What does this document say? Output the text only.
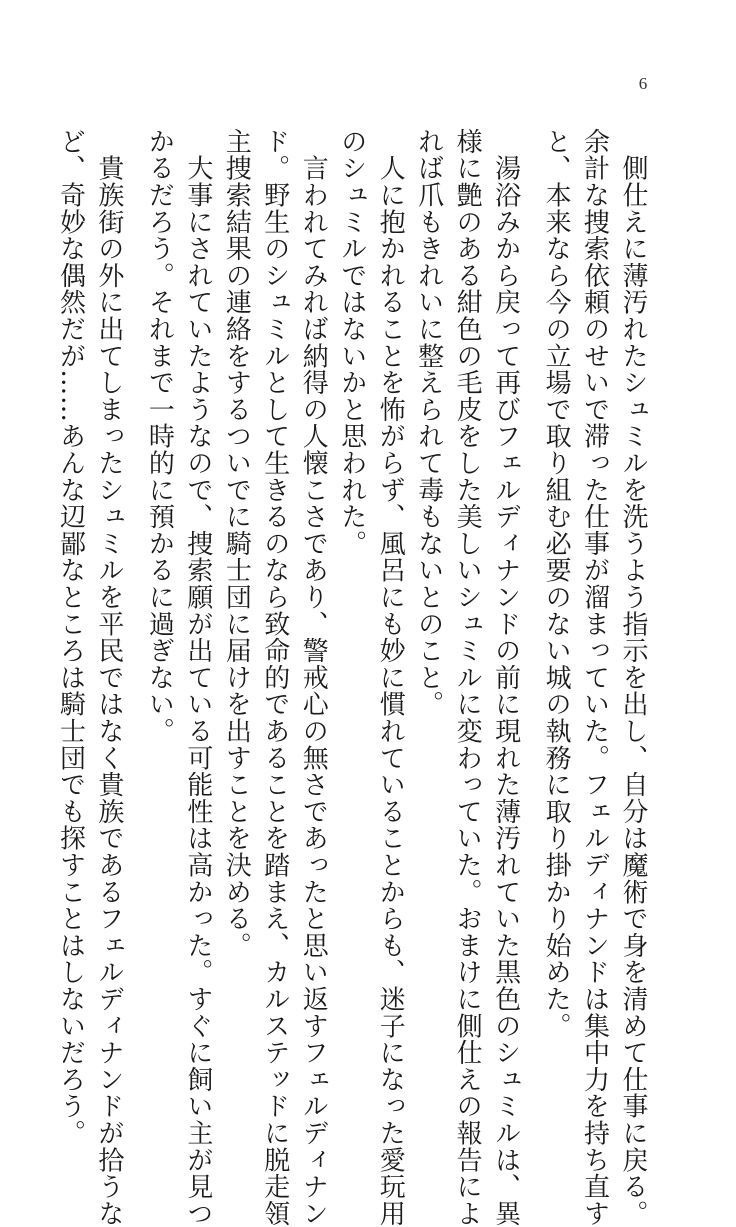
6

　側仕えに薄汚れたシュミルを洗うよう指示を出し、自分は魔術で身を清めて仕事に戻る。

余計な捜索依頼のせいで滞った仕事が溜まっていた。フェルディナンドは集中力を持ち直す

と、本来なら今の立場で取り組む必要のない城の執務に取り掛かり始めた。

　湯浴みから戻って再びフェルディナンドの前に現れた薄汚れていた黒色のシュミルは、異

様に艶のある紺色の毛皮をした美しいシュミルに変わっていた。おまけに側仕えの報告によ

れば爪もきれいに整えられて毒もないとのこと。

　人に抱かれることを怖がらず、風呂にも妙に慣れていることからも、迷子になった愛玩用

のシュミルではないかと思われた。

　言われてみれば納得の人懐こさであり、警戒心の無さであったと思い返すフェルディナン

ド。野生のシュミルとして生きるのなら致命的であることを踏まえ、カルステッドに脱走領

主捜索結果の連絡をするついでに騎士団に届けを出すことを決める。

　大事にされていたようなので、捜索願が出ている可能性は高かった。すぐに飼い主が見つ

かるだろう。それまで一時的に預かるに過ぎない。

　貴族街の外に出てしまったシュミルを平民ではなく貴族であるフェルディナンドが拾うな

ど、奇妙な偶然だが……あんな辺鄙なところは騎士団でも探すことはしないだろう。
